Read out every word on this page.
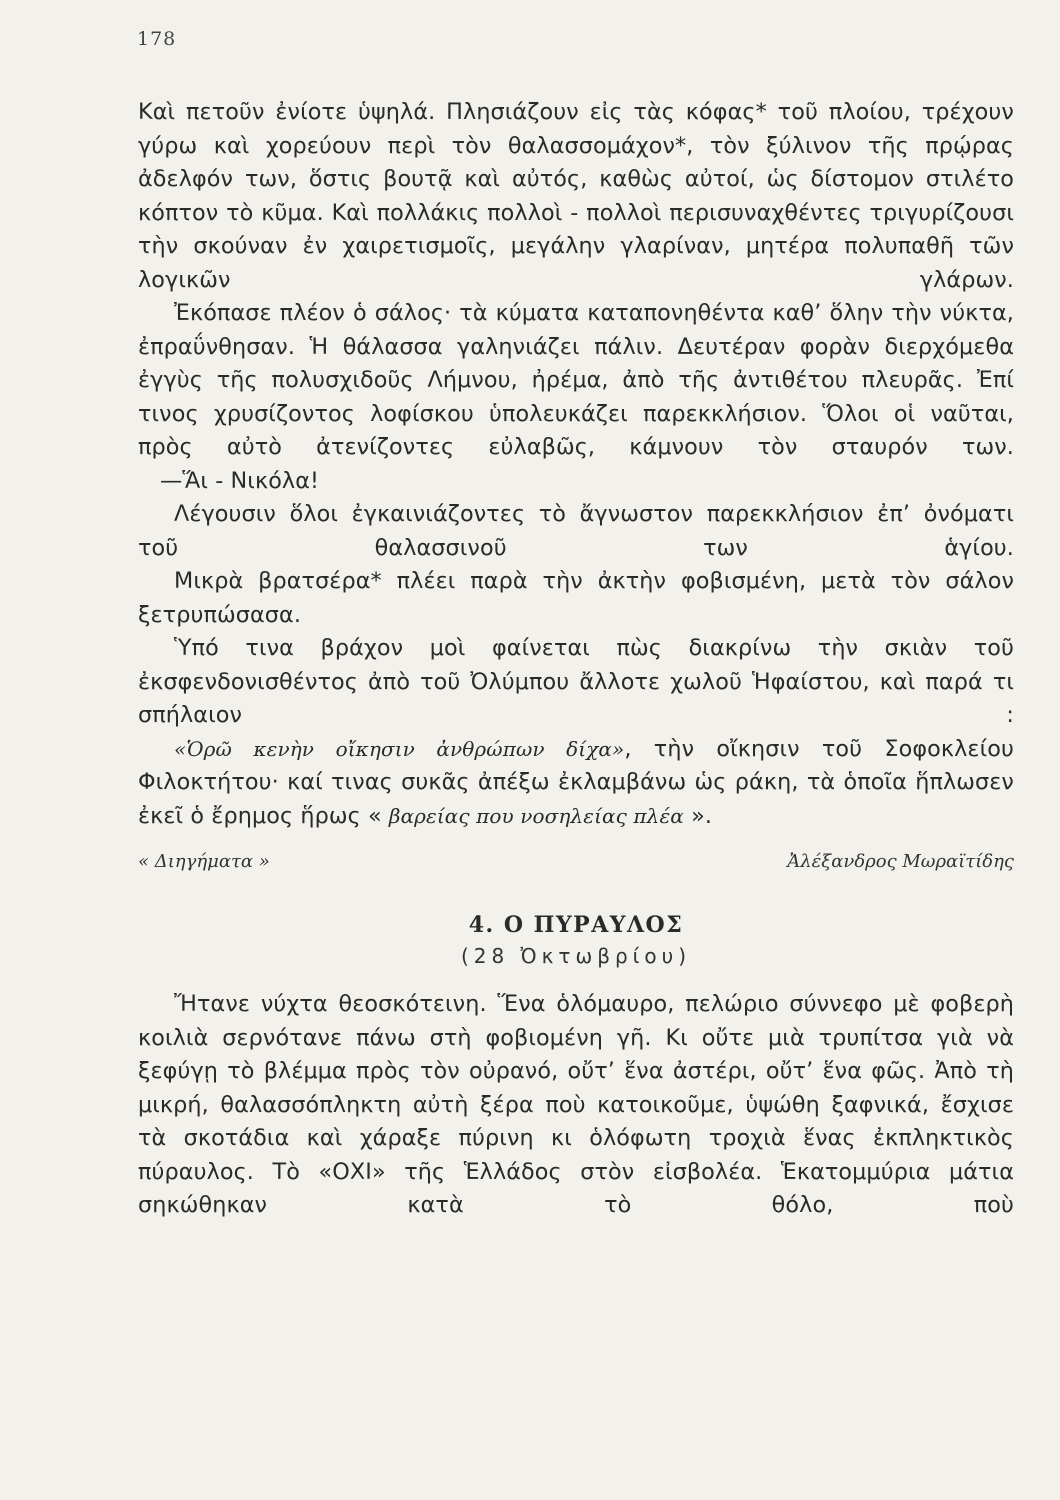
178

Καὶ πετοῦν ἐνίοτε ὑψηλά. Πλησιάζουν εἰς τὰς κόφας* τοῦ πλοίου, τρέχουν γύρω καὶ χορεύουν περὶ τὸν θαλασσομάχον*, τὸν ξύλινον τῆς πρῴρας ἀδελφόν των, ὅστις βουτᾷ καὶ αὐτός, καθὼς αὐτοί, ὡς δίστομον στιλέτο κόπτον τὸ κῦμα. Καὶ πολλάκις πολλοὶ - πολλοὶ περισυναχθέντες τριγυρίζουσι τὴν σκούναν ἐν χαιρετισμοῖς, μεγάλην γλαρίναν, μητέρα πολυπαθῆ τῶν λογικῶν γλάρων.

Ἐκόπασε πλέον ὁ σάλος· τὰ κύματα καταπονηθέντα καθ’ ὅλην τὴν νύκτα, ἐπραΰνθησαν. Ἡ θάλασσα γαληνιάζει πάλιν. Δευτέραν φορὰν διερχόμεθα ἐγγὺς τῆς πολυσχιδοῦς Λήμνου, ἠρέμα, ἀπὸ τῆς ἀντιθέτου πλευρᾶς. Ἐπί τινος χρυσίζοντος λοφίσκου ὑπολευκάζει παρεκκλήσιον. Ὅλοι οἱ ναῦται, πρὸς αὐτὸ ἀτενίζοντες εὐλαβῶς, κάμνουν τὸν σταυρόν των.

—Ἅι - Νικόλα!

Λέγουσιν ὅλοι ἐγκαινιάζοντες τὸ ἄγνωστον παρεκκλήσιον ἐπ’ ὀνόματι τοῦ θαλασσινοῦ των ἁγίου.

Μικρὰ βρατσέρα* πλέει παρὰ τὴν ἀκτὴν φοβισμένη, μετὰ τὸν σάλον ξετρυπώσασα.

Ὑπό τινα βράχον μοὶ φαίνεται πὼς διακρίνω τὴν σκιὰν τοῦ ἐκσφενδονισθέντος ἀπὸ τοῦ Ὀλύμπου ἄλλοτε χωλοῦ Ἡφαίστου, καὶ παρά τι σπήλαιον :

«Ὁρῶ κενὴν οἴκησιν ἀνθρώπων δίχα», τὴν οἴκησιν τοῦ Σοφοκλείου Φιλοκτήτου· καί τινας συκᾶς ἀπέξω ἐκλαμβάνω ὡς ράκη, τὰ ὁποῖα ἥπλωσεν ἐκεῖ ὁ ἔρημος ἥρως « βαρείας που νοσηλείας πλέα ».

« Διηγήματα »	Ἀλέξανδρος Μωραϊτίδης
4. Ο ΠΥΡΑΥΛΟΣ
(28 Ὀκτωβρίου)

Ἤτανε νύχτα θεοσκότεινη. Ἕνα ὁλόμαυρο, πελώριο σύννεφο μὲ φοβερὴ κοιλιὰ σερνότανε πάνω στὴ φοβιομένη γῆ. Κι οὔτε μιὰ τρυπίτσα γιὰ νὰ ξεφύγῃ τὸ βλέμμα πρὸς τὸν οὐρανό, οὔτ’ ἕνα ἀστέρι, οὔτ’ ἕνα φῶς. Ἀπὸ τὴ μικρή, θαλασσόπληκτη αὐτὴ ξέρα ποὺ κατοικοῦμε, ὑψώθη ξαφνικά, ἔσχισε τὰ σκοτάδια καὶ χάραξε πύρινη κι ὁλόφωτη τροχιὰ ἕνας ἐκπληκτικὸς πύραυλος. Τὸ «ΟΧΙ» τῆς Ἑλλάδος στὸν εἰσβολέα. Ἑκατομμύρια μάτια σηκώθηκαν κατὰ τὸ θόλο, ποὺ
